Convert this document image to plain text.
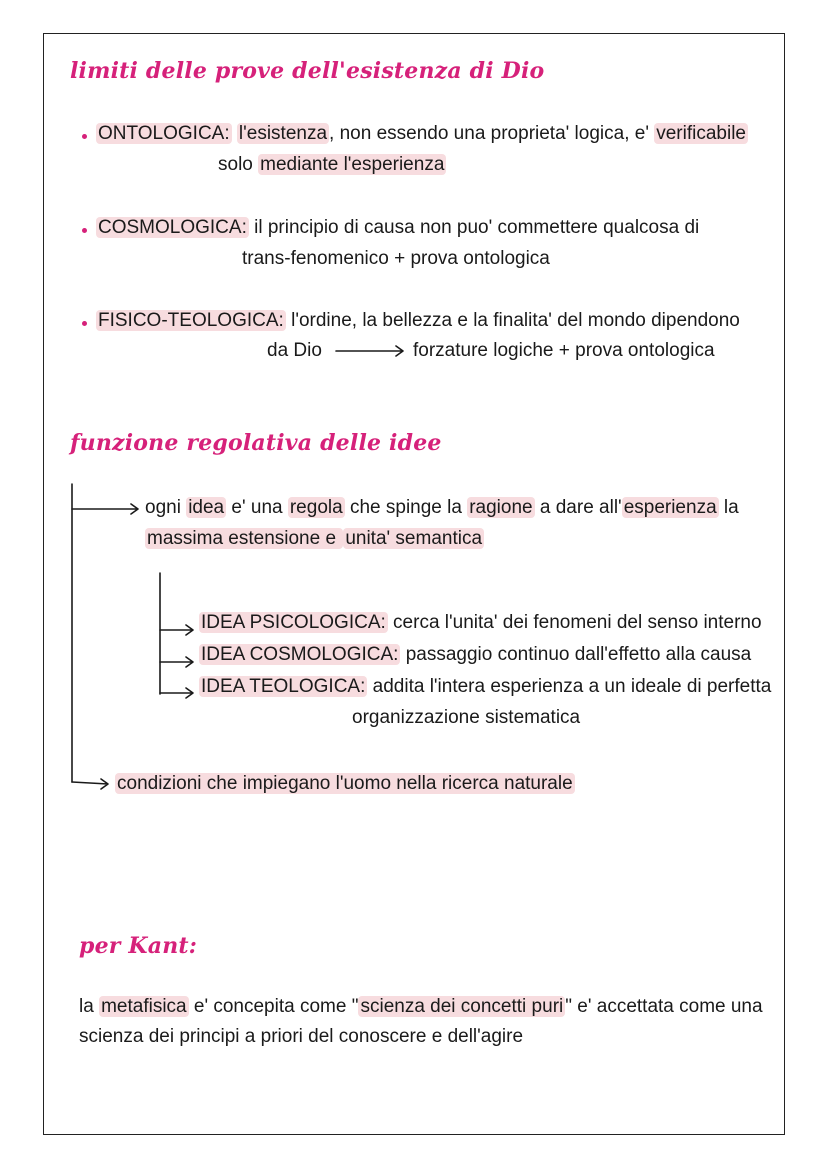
limiti delle prove dell'esistenza di Dio
ONTOLOGICA: l'esistenza , non essendo una proprieta' logica, e' verificabile
solo mediante l'esperienza
COSMOLOGICA: il principio di causa non puo' commettere qualcosa di
trans-fenomenico + prova ontologica
FISICO-TEOLOGICA: l'ordine, la bellezza e la finalita' del mondo dipendono
da Dio	forzature logiche + prova ontologica
funzione regolativa delle idee
ogni idea e' una regola che spinge la ragione a dare all' esperienza la
massima estensione e unita' semantica
IDEA PSICOLOGICA: cerca l'unita' dei fenomeni del senso interno
IDEA COSMOLOGICA: passaggio continuo dall'effetto alla causa
IDEA TEOLOGICA: addita l'intera esperienza a un ideale di perfetta
organizzazione sistematica
condizioni che impiegano l'uomo nella ricerca naturale
per Kant:
la metafisica e' concepita come " scienza dei concetti puri " e' accettata come una
scienza dei principi a priori del conoscere e dell'agire
